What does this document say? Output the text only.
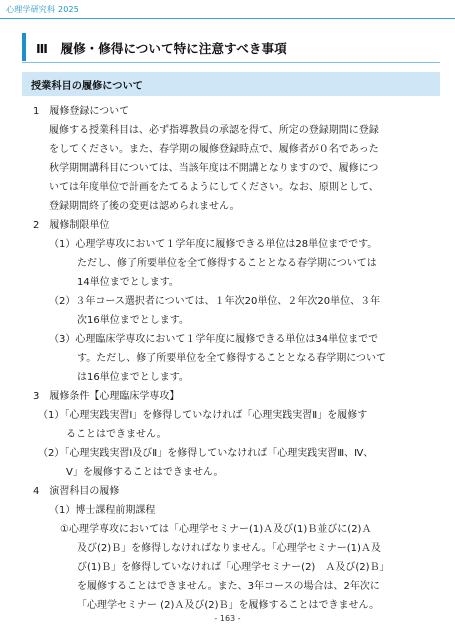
心理学研究科 2025
Ⅲ　履修・修得について特に注意すべき事項
授業科目の履修について
1　履修登録について
履修する授業科目は、必ず指導教員の承認を得て、所定の登録期間に登録
をしてください。また、春学期の履修登録時点で、履修者が０名であった
秋学期開講科目については、当該年度は不開講となりますので、履修につ
いては年度単位で計画をたてるようにしてください。なお、原則として、
登録期間終了後の変更は認められません。
2　履修制限単位
（1）心理学専攻において１学年度に履修できる単位は28単位までです。
ただし、修了所要単位を全て修得することとなる春学期については
14単位までとします。
（2）３年コース選択者については、１年次20単位、２年次20単位、３年
次16単位までとします。
（3）心理臨床学専攻において１学年度に履修できる単位は34単位までで
す。ただし、修了所要単位を全て修得することとなる春学期について
は16単位までとします。
3　履修条件【心理臨床学専攻】
（1）「心理実践実習Ⅰ」を修得していなければ「心理実践実習Ⅱ」を履修す
ることはできません。
（2）「心理実践実習Ⅰ及びⅡ」を修得していなければ「心理実践実習Ⅲ、Ⅳ、
Ⅴ」を履修することはできません。
4　演習科目の履修
（1）博士課程前期課程
①心理学専攻においては「心理学セミナー(1)Ａ及び(1)Ｂ並びに(2)Ａ
及び(2)Ｂ」を修得しなければなりません。「心理学セミナー(1)Ａ及
び(1)Ｂ」を修得していなければ「心理学セミナー(2)　Ａ及び(2)Ｂ」
を履修することはできません。また、3年コースの場合は、2年次に
「心理学セミナー (2)Ａ及び(2)Ｂ」を履修することはできません。
- 163 -
